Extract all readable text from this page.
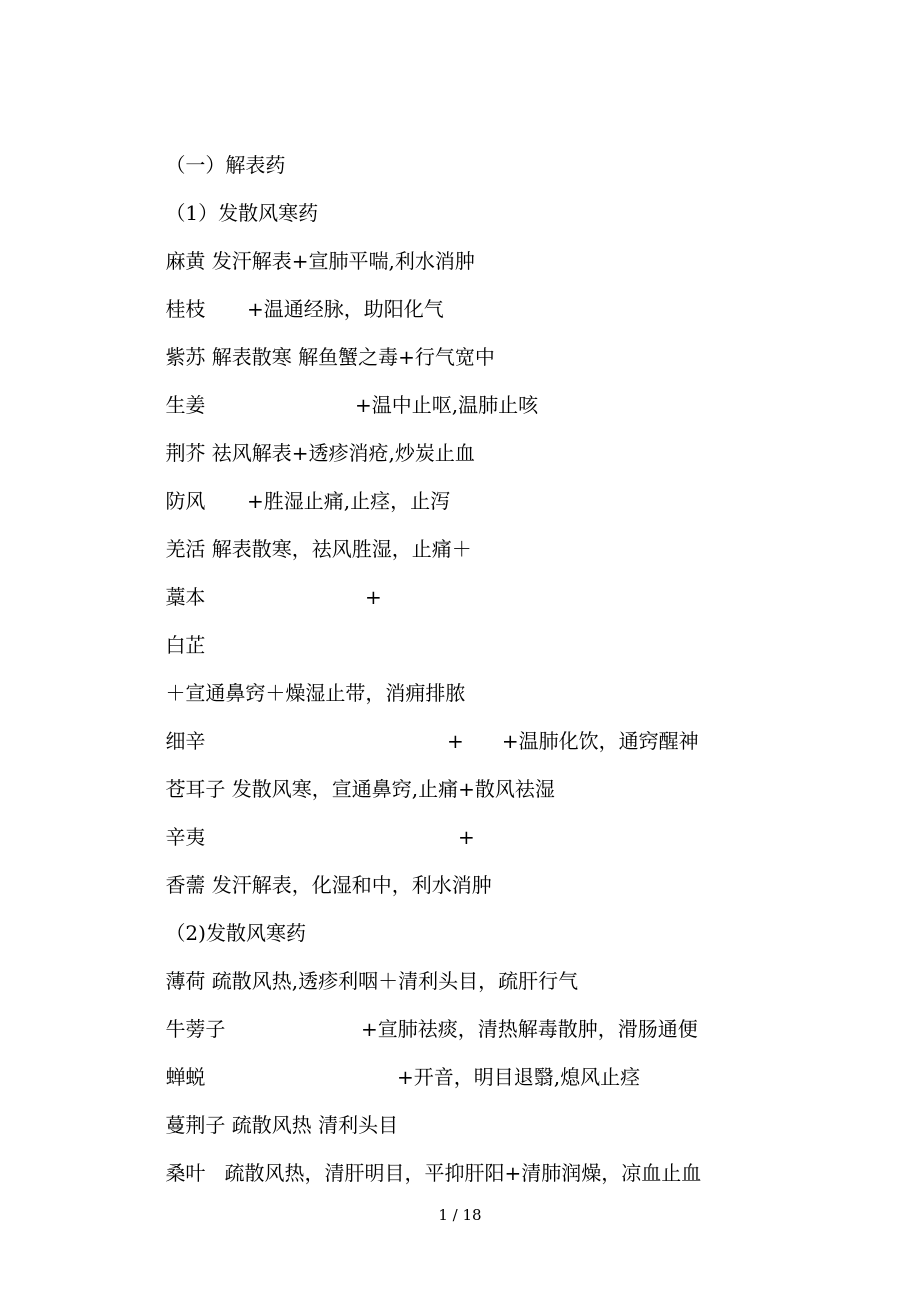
（一）解表药

（1）发散风寒药

麻黄 发汗解表+宣肺平喘,利水消肿

桂枝 +温通经脉，助阳化气

紫苏 解表散寒 解鱼蟹之毒+行气宽中

生姜	+温中止呕,温肺止咳

荆芥 祛风解表+透疹消疮,炒炭止血

防风 +胜湿止痛,止痉，止泻

羌活 解表散寒，祛风胜湿，止痛＋

藁本	+

白芷

＋宣通鼻窍＋燥湿止带，消痈排脓

细辛	+      +温肺化饮，通窍醒神

苍耳子 发散风寒，宣通鼻窍,止痛+散风祛湿

辛夷	+

香薷 发汗解表，化湿和中，利水消肿

（2)发散风寒药

薄荷 疏散风热,透疹利咽＋清利头目，疏肝行气

牛蒡子	+宣肺祛痰，清热解毒散肿，滑肠通便

蝉蜕	+开音，明目退翳,熄风止痉

蔓荆子 疏散风热 清利头目

桑叶   疏散风热，清肝明目，平抑肝阳+清肺润燥，凉血止血

1 / 18
